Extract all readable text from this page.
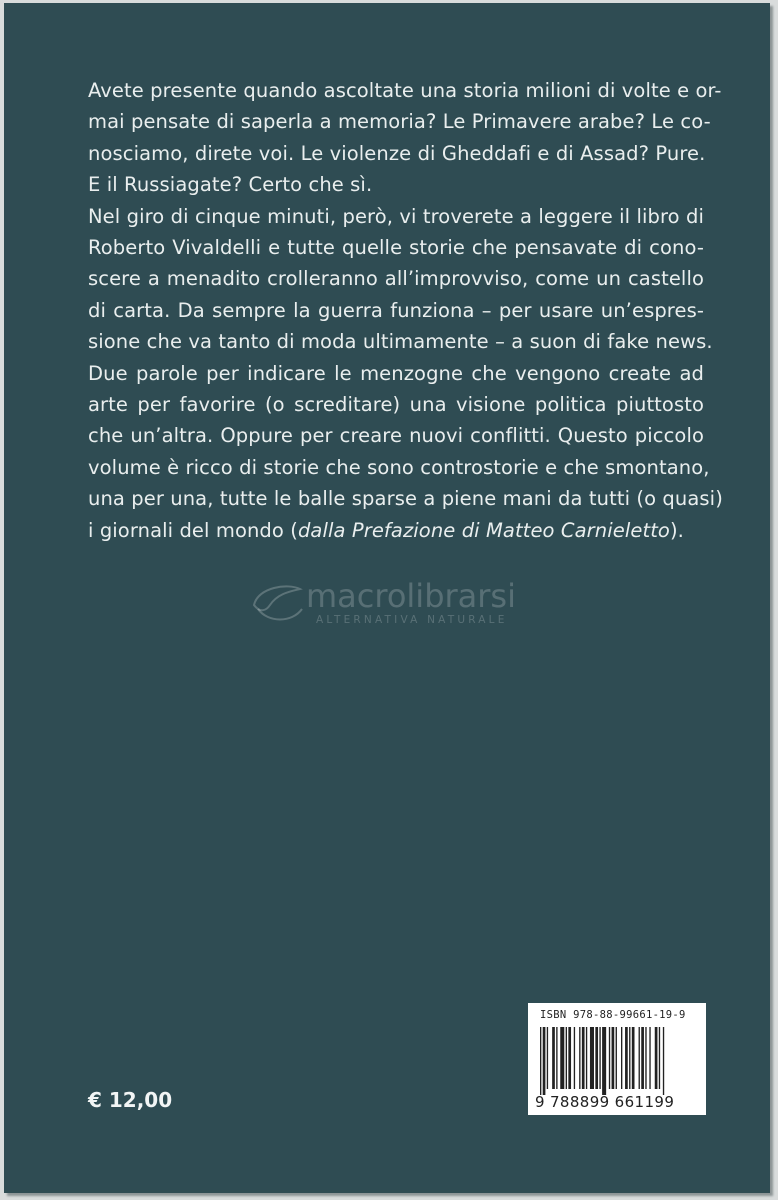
Avete presente quando ascoltate una storia milioni di volte e or-
mai pensate di saperla a memoria? Le Primavere arabe? Le co-
nosciamo, direte voi. Le violenze di Gheddafi e di Assad? Pure.
E il Russiagate? Certo che sì.
Nel giro di cinque minuti, però, vi troverete a leggere il libro di
Roberto Vivaldelli e tutte quelle storie che pensavate di cono-
scere a menadito crolleranno all’improvviso, come un castello
di carta. Da sempre la guerra funziona – per usare un’espres-
sione che va tanto di moda ultimamente – a suon di fake news.
Due parole per indicare le menzogne che vengono create ad
arte per favorire (o screditare) una visione politica piuttosto
che un’altra. Oppure per creare nuovi conflitti. Questo piccolo
volume è ricco di storie che sono controstorie e che smontano,
una per una, tutte le balle sparse a piene mani da tutti (o quasi)
i giornali del mondo (dalla Prefazione di Matteo Carnieletto).
macrolibrarsi
ALTERNATIVA NATURALE
€ 12,00
ISBN 978-88-99661-19-9
9 788899 661199
